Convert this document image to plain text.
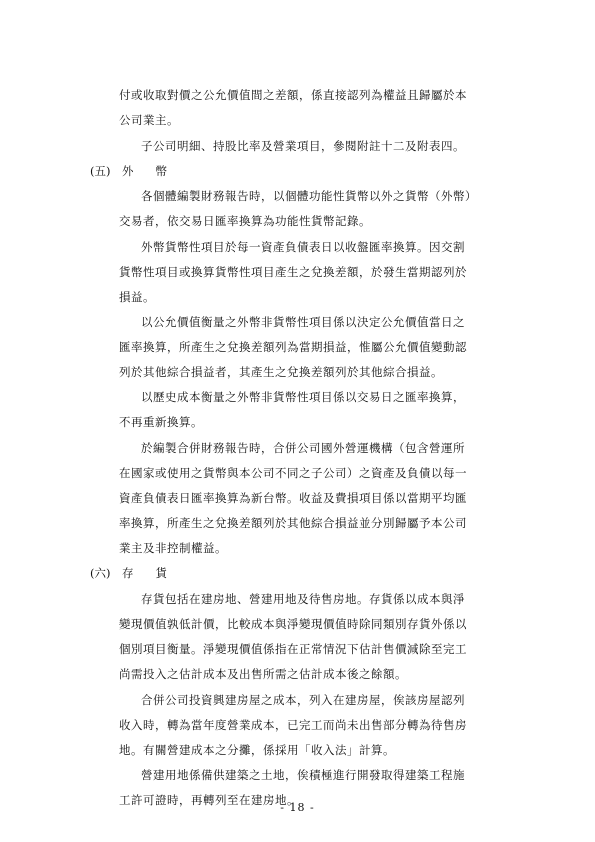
付或收取對價之公允價值間之差額，係直接認列為權益且歸屬於本
公司業主。
子公司明細、持股比率及營業項目，參閱附註十二及附表四。
(五) 外幣
各個體編製財務報告時，以個體功能性貨幣以外之貨幣（外幣）
交易者，依交易日匯率換算為功能性貨幣記錄。
外幣貨幣性項目於每一資產負債表日以收盤匯率換算。因交割
貨幣性項目或換算貨幣性項目產生之兌換差額，於發生當期認列於
損益。
以公允價值衡量之外幣非貨幣性項目係以決定公允價值當日之
匯率換算，所產生之兌換差額列為當期損益，惟屬公允價值變動認
列於其他綜合損益者，其產生之兌換差額列於其他綜合損益。
以歷史成本衡量之外幣非貨幣性項目係以交易日之匯率換算，
不再重新換算。
於編製合併財務報告時，合併公司國外營運機構（包含營運所
在國家或使用之貨幣與本公司不同之子公司）之資產及負債以每一
資產負債表日匯率換算為新台幣。收益及費損項目係以當期平均匯
率換算，所產生之兌換差額列於其他綜合損益並分別歸屬予本公司
業主及非控制權益。
(六) 存貨
存貨包括在建房地、營建用地及待售房地。存貨係以成本與淨
變現價值孰低計價，比較成本與淨變現價值時除同類別存貨外係以
個別項目衡量。淨變現價值係指在正常情況下估計售價減除至完工
尚需投入之估計成本及出售所需之估計成本後之餘額。
合併公司投資興建房屋之成本，列入在建房屋，俟該房屋認列
收入時，轉為當年度營業成本，已完工而尚未出售部分轉為待售房
地。有關營建成本之分攤，係採用「收入法」計算。
營建用地係備供建築之土地，俟積極進行開發取得建築工程施
工許可證時，再轉列至在建房地。
- 18 -
